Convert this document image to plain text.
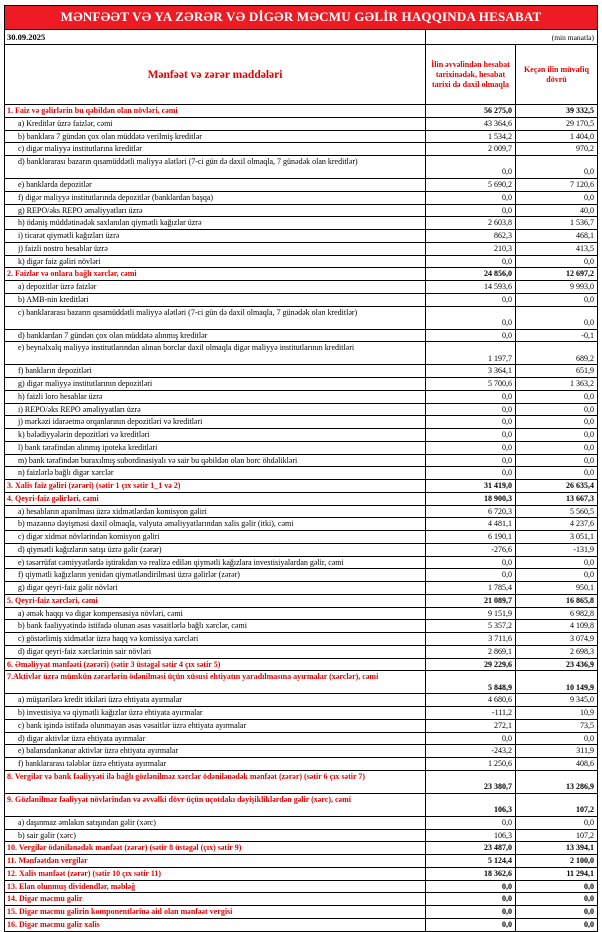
MƏNFƏƏT VƏ YA ZƏRƏR VƏ DİGƏR MƏCMU GƏLİR HAQQINDA HESABAT
30.09.2025	(min manatla)
Mənfəət və zərər maddələri
İlin əvvəlindən hesabat tarixinədək, hesabat tarixi də daxil olmaqla
Keçən ilin müvafiq dövrü
1. Faiz və gəlirlərin bu qəbildən olan növləri, cəmi	56 275,0	39 332,5
a) Kreditlər üzrə faizlər, cəmi	43 364,6	29 170,5
b) banklara 7 gündən çox olan müddətə verilmiş kreditlər	1 534,2	1 404,0
c) digər maliyyə institutlarına kreditlər	2 009,7	970,2
d) banklararası bazarın qısamüddətli maliyyə alətləri (7-ci gün də daxil olmaqla, 7 günədək olan kreditlər)
0,0	0,0
e) banklarda depozitlər	5 690,2	7 120,6
f) digər maliyyə institutlarında depozitlər (banklardan başqa)	0,0	0,0
g) REPO/əks REPO əməliyyatları üzrə	0,0	40,0
h) ödəniş müddətinədək saxlanılan qiymətli kağızlar üzrə	2 603,8	1 536,7
i) ticarət qiymətli kağızları üzrə	862,3	468,1
j) faizli nostro hesablar üzrə	210,3	413,5
k) digər faiz gəliri növləri	0,0	0,0
2. Faizlər və onlara bağlı xərclər, cəmi	24 856,0	12 697,2
a) depozitlər üzrə faizlər	14 593,6	9 993,0
b) AMB-nin kreditləri	0,0	0,0
c) banklararası bazarın qısamüddətli maliyyə alətləri (7-ci gün də daxil olmaqla, 7 günədək olan kreditlər)
0,0	0,0
d) banklardan 7 gündən çox olan müddətə alınmış kreditlər	0,0	-0,1
e) beynəlxalq maliyyə institutlarından alınan borclar daxil olmaqla digər maliyyə institutlarının kreditləri
1 197,7	689,2
f) bankların depozitləri	3 364,1	651,9
g) digər maliyyə institutlarının depozitləri	5 700,6	1 363,2
h) faizli loro hesablar üzrə	0,0	0,0
i) REPO/əks REPO əməliyyatları üzrə	0,0	0,0
j) mərkəzi idarəetmə orqanlarının depozitləri və kreditləri	0,0	0,0
k) bələdiyyələrin depozitləri və kreditləri	0,0	0,0
l) bank tərəfindən alınmış ipoteka kreditləri	0,0	0,0
m) bank tərəfindən buraxılmış subordinasiyalı və sair bu qəbildən olan borc öhdəlikləri	0,0	0,0
n) faizlərlə bağlı digər xərclər	0,0	0,0
3. Xalis faiz gəliri (zərəri) (sətir 1 çıx sətir 1_1 və 2)	31 419,0	26 635,4
4. Qeyri-faiz gəlirləri, cəmi	18 900,3	13 667,3
a) hesabların aparılması üzrə xidmətlərdən komisyon gəliri	6 720,3	5 560,5
b) məzənnə dəyişməsi daxil olmaqla, valyuta əməliyyatlarından xalis gəlir (itki), cəmi	4 481,1	4 237,6
c) digər xidmət növlərindən komisyon gəliri	6 190,1	3 051,1
d) qiymətli kağızların satışı üzrə gəlir (zərər)	-276,6	-131,9
e) təsərrüfat cəmiyyətlərdə iştirakdan və realizə edilən qiymətli kağızlara investisiyalardan gəlir, cəmi	0,0	0,0
f) qiymətli kağızların yenidən qiymətləndirilməsi üzrə gəlirlər (zərər)	0,0	0,0
g) digər qeyri-faiz gəlir növləri	1 785,4	950,1
5. Qeyri-faiz xərcləri, cəmi	21 089,7	16 865,8
a) əmək haqqı və digər kompensasiya növləri, cəmi	9 151,9	6 982,8
b) bank fəaliyyətində istifadə olunan əsas vəsaitlərlə bağlı xərclər, cəmi	5 357,2	4 109,8
c) göstərlimiş xidmətlər üzrə haqq və komissiya xərcləri	3 711,6	3 074,9
d) digər qeyri-faiz xərclərinin sair növləri	2 869,1	2 698,3
6. Əməliyyat mənfəəti (zərəri) (sətir 3 üstəgəl sətir 4 çıx sətir 5)	29 229,6	23 436,9
7.Aktivlər üzrə mümkün zərərlərin ödənilməsi üçün xüsusi ehtiyatın yaradılmasına ayırmalar (xərclər), cəmi
5 848,9	10 149,9
a) müştərilərə kredit itkiləri üzrə ehtiyata ayırmalar	4 680,6	9 345,0
b) investisiya və qiymətli kağızlar üzrə ehtiyata ayırmalar	-111,2	10,9
c) bank işində istifadə olunmayan əsas vəsaitlər üzrə ehtiyata ayırmalar	272,1	73,5
d) digər aktivlər üzrə ehtiyata ayırmalar	0,0	0,0
e) balansdankənar aktivlər üzrə ehtiyata ayırmalar	-243,2	311,9
f) banklararası tələblər üzrə ehtiyata ayırmalar	1 250,6	408,6
8. Vergilər və bank fəaliyyəti ilə bağlı gözlənilməz xərclər ödənilənədək mənfəət (zərər) (sətir 6 çıx sətir 7)
23 380,7	13 286,9
9. Gözlənilməz fəaliyyət növlərindən və əvvəlki dövr üçün uçotdakı dəyişikliklərdən gəlir (xərc), cəmi
106,3	107,2
a) daşınmaz əmlakın satışından gəlir (xərc)	0,0	0,0
b) sair gəlir (xərc)	106,3	107,2
10. Vergilər ödənilənədək mənfəət (zərər) (sətir 8 üstəgəl (çıx) sətir 9)	23 487,0	13 394,1
11. Mənfəətdən vergilər	5 124,4	2 100,0
12. Xalis mənfəət (zərər) (sətir 10 çıx sətir 11)	18 362,6	11 294,1
13. Elan olunmuş dividendlər, məbləğ	0,0	0,0
14. Digər məcmu gəlir	0,0	0,0
15. Digər məcmu gəlirin komponentlərinə aid olan mənfəət vergisi	0,0	0,0
16. Digər məcmu gəlir xalis	0,0	0,0
